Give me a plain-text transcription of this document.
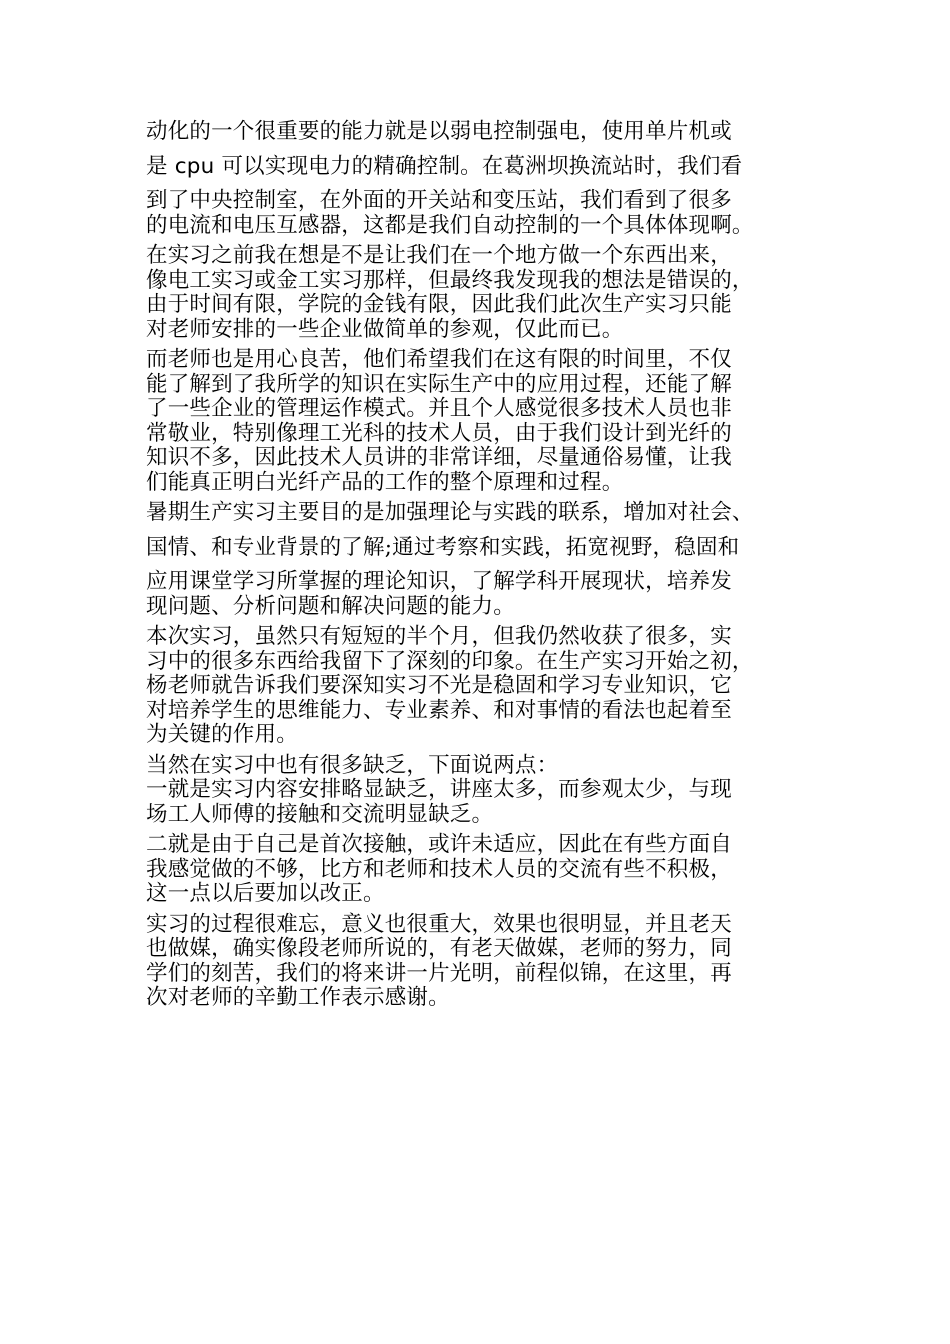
动化的一个很重要的能力就是以弱电控制强电，使用单片机或
是 cpu 可以实现电力的精确控制。在葛洲坝换流站时，我们看
到了中央控制室，在外面的开关站和变压站，我们看到了很多
的电流和电压互感器，这都是我们自动控制的一个具体体现啊。
在实习之前我在想是不是让我们在一个地方做一个东西出来，
像电工实习或金工实习那样，但最终我发现我的想法是错误的，
由于时间有限，学院的金钱有限，因此我们此次生产实习只能
对老师安排的一些企业做简单的参观，仅此而已。
而老师也是用心良苦，他们希望我们在这有限的时间里，不仅
能了解到了我所学的知识在实际生产中的应用过程，还能了解
了一些企业的管理运作模式。并且个人感觉很多技术人员也非
常敬业，特别像理工光科的技术人员，由于我们设计到光纤的
知识不多，因此技术人员讲的非常详细，尽量通俗易懂，让我
们能真正明白光纤产品的工作的整个原理和过程。
暑期生产实习主要目的是加强理论与实践的联系，增加对社会、
国情、和专业背景的了解;通过考察和实践，拓宽视野，稳固和
应用课堂学习所掌握的理论知识，了解学科开展现状，培养发
现问题、分析问题和解决问题的能力。
本次实习，虽然只有短短的半个月，但我仍然收获了很多，实
习中的很多东西给我留下了深刻的印象。在生产实习开始之初，
杨老师就告诉我们要深知实习不光是稳固和学习专业知识，它
对培养学生的思维能力、专业素养、和对事情的看法也起着至
为关键的作用。
当然在实习中也有很多缺乏，下面说两点：
一就是实习内容安排略显缺乏，讲座太多，而参观太少，与现
场工人师傅的接触和交流明显缺乏。
二就是由于自己是首次接触，或许未适应，因此在有些方面自
我感觉做的不够，比方和老师和技术人员的交流有些不积极，
这一点以后要加以改正。
实习的过程很难忘，意义也很重大，效果也很明显，并且老天
也做媒，确实像段老师所说的，有老天做媒，老师的努力，同
学们的刻苦，我们的将来讲一片光明，前程似锦，在这里，再
次对老师的辛勤工作表示感谢。
